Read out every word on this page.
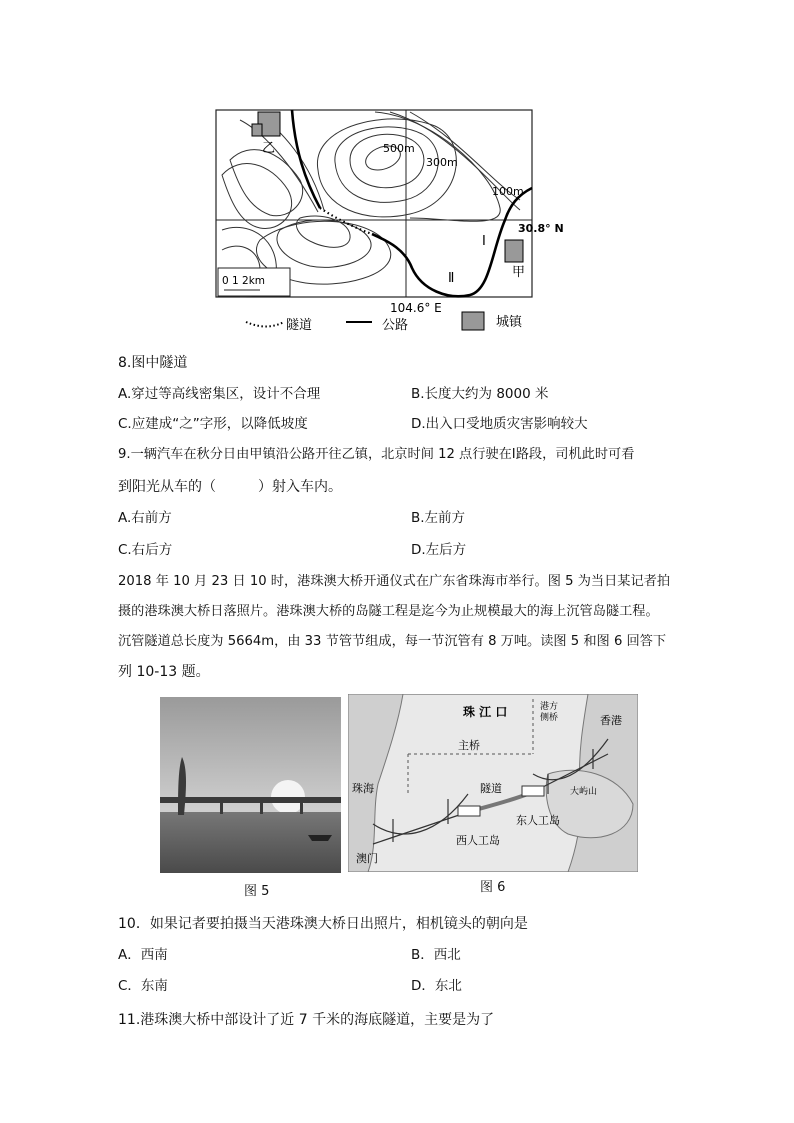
乙
甲
500m
300m
100m
30.8° N
104.6° E
Ⅰ
Ⅱ
0 1 2km
隧道	公路	城镇
8.图中隧道
A.穿过等高线密集区，设计不合理	B.长度大约为 8000 米
C.应建成“之”字形，以降低坡度	D.出入口受地质灾害影响较大
9.一辆汽车在秋分日由甲镇沿公路开往乙镇，北京时间 12 点行驶在Ⅰ路段，司机此时可看
到阳光从车的（　　　）射入车内。
A.右前方	B.左前方
C.右后方	D.左后方
2018 年 10 月 23 日 10 时，港珠澳大桥开通仪式在广东省珠海市举行。图 5 为当日某记者拍
摄的港珠澳大桥日落照片。港珠澳大桥的岛隧工程是迄今为止规模最大的海上沉管岛隧工程。
沉管隧道总长度为 5664m，由 33 节管节组成，每一节沉管有 8 万吨。读图 5 和图 6 回答下
列 10-13 题。
图 5
珠 江 口
主桥
港方侧桥	香港
珠海	隧道
东人工岛
西人工岛
澳门
大屿山
图 6
10．如果记者要拍摄当天港珠澳大桥日出照片，相机镜头的朝向是
A．西南	B．西北
C．东南	D．东北
11.港珠澳大桥中部设计了近 7 千米的海底隧道，主要是为了
